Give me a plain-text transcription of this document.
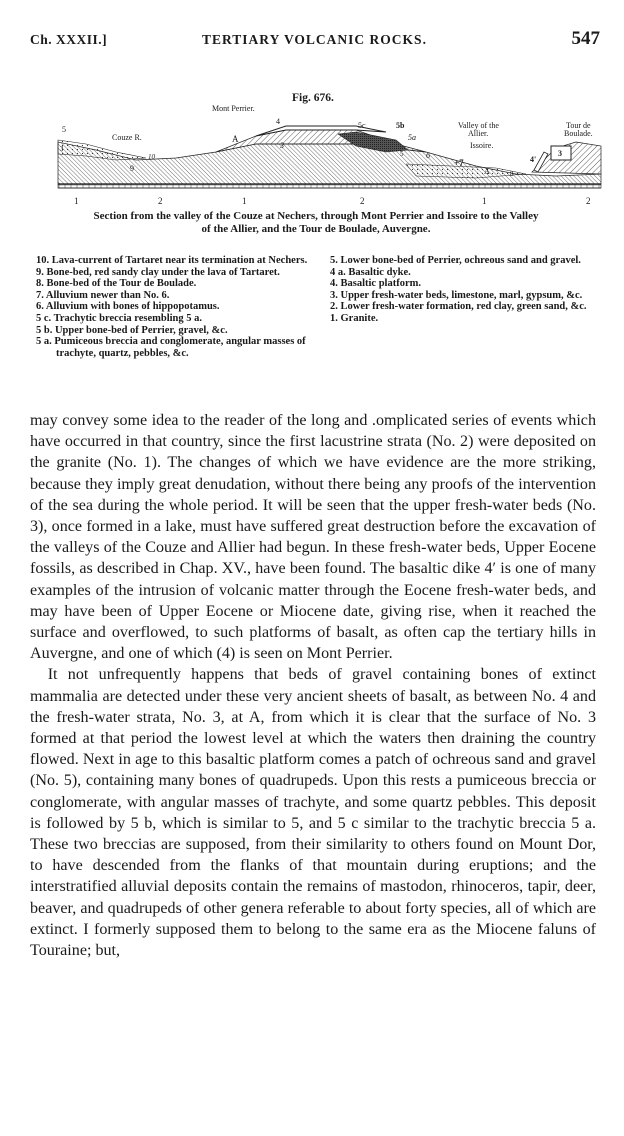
Ch. XXXII.]	TERTIARY VOLCANIC ROCKS.	547
Fig. 676.
Mont Perrier.
Couze R.
Valley of the
Allier.
Issoire.
Tour de
Boulade.
5
3
10
9
A
4
3
5c	5b
5a
5	6
+7
A	8
4'
3
1	2	1	2	1	2
Section from the valley of the Couze at Nechers, through Mont Perrier and Issoire to the Valley
of the Allier, and the Tour de Boulade, Auvergne.

10. Lava-current of Tartaret near its termination at Nechers.

9. Bone-bed, red sandy clay under the lava of Tartaret.

8. Bone-bed of the Tour de Boulade.

7. Alluvium newer than No. 6.

6. Alluvium with bones of hippopotamus.

5 c. Trachytic breccia resembling 5 a.

5 b. Upper bone-bed of Perrier, gravel, &c.

5 a. Pumiceous breccia and conglomerate, angular masses of trachyte, quartz, pebbles, &c.

5. Lower bone-bed of Perrier, ochreous sand and gravel.

4 a. Basaltic dyke.

4. Basaltic platform.

3. Upper fresh-water beds, limestone, marl, gypsum, &c.

2. Lower fresh-water formation, red clay, green sand, &c.

1. Granite.

may convey some idea to the reader of the long and .omplicated series of events which have occurred in that country, since the first lacustrine strata (No. 2) were deposited on the granite (No. 1). The changes of which we have evidence are the more striking, because they imply great denudation, without there being any proofs of the intervention of the sea during the whole period. It will be seen that the upper fresh-water beds (No. 3), once formed in a lake, must have suffered great destruction before the excavation of the valleys of the Couze and Allier had begun. In these fresh-water beds, Upper Eocene fossils, as described in Chap. XV., have been found. The basaltic dike 4′ is one of many examples of the intrusion of volcanic matter through the Eocene fresh-water beds, and may have been of Upper Eocene or Miocene date, giving rise, when it reached the surface and overflowed, to such platforms of basalt, as often cap the tertiary hills in Auvergne, and one of which (4) is seen on Mont Perrier.

It not unfrequently happens that beds of gravel containing bones of extinct mammalia are detected under these very ancient sheets of basalt, as between No. 4 and the fresh-water strata, No. 3, at A, from which it is clear that the surface of No. 3 formed at that period the lowest level at which the waters then draining the country flowed. Next in age to this basaltic platform comes a patch of ochreous sand and gravel (No. 5), containing many bones of quadrupeds. Upon this rests a pumiceous breccia or conglomerate, with angular masses of trachyte, and some quartz pebbles. This deposit is followed by 5 b, which is similar to 5, and 5 c similar to the trachytic breccia 5 a. These two breccias are supposed, from their similarity to others found on Mount Dor, to have descended from the flanks of that mountain during eruptions; and the interstratified alluvial deposits contain the remains of mastodon, rhinoceros, tapir, deer, beaver, and quadrupeds of other genera referable to about forty species, all of which are extinct. I formerly supposed them to belong to the same era as the Miocene faluns of Touraine; but,
